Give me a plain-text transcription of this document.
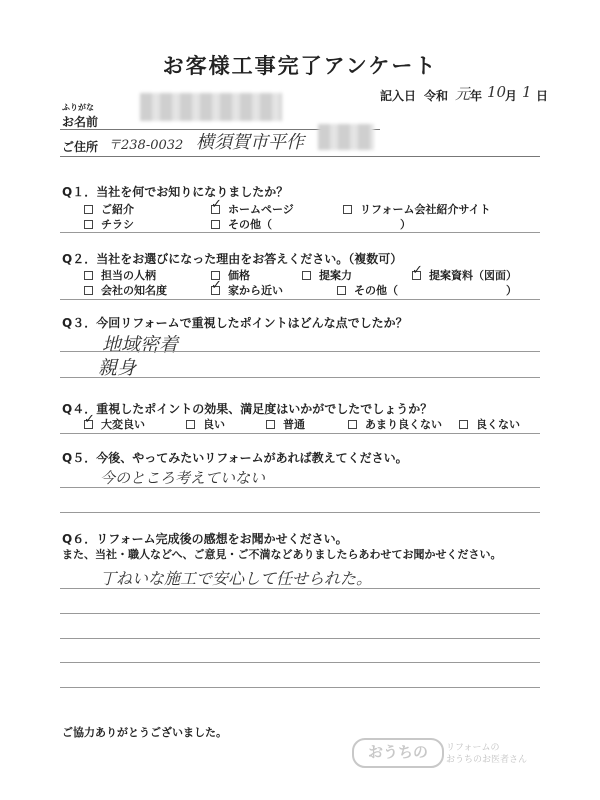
お客様工事完了アンケート
記入日 令和 元 年 10
月 1 日
ふりがな
お名前
ご住所 〒238-0032 横須賀市平作
Q１．当社を何でお知りになりましたか？
ご紹介 ✓	ホームページ	リフォーム会社紹介サイト
チラシ	その他（	）
Q２．当社をお選びになった理由をお答えください。（複数可）
担当の人柄	価格	提案力 ✓	提案資料（図面）
会社の知名度 ✓	家から近い	その他（	）
Q３．今回リフォームで重視したポイントはどんな点でしたか？
地域密着
親身
Q４．重視したポイントの効果、満足度はいかがでしたでしょうか？
✓
大変良い	良い	普通	あまり良くない	良くない
Q５．今後、やってみたいリフォームがあれば教えてください。
今のところ考えていない
Q６．リフォーム完成後の感想をお聞かせください。
また、当社・職人などへ、ご意見・ご不満などありましたらあわせてお聞かせください。
丁ねいな施工で安心して任せられた。
ご協力ありがとうございました。
おうちの	リフォームの
おうちのお医者さん
